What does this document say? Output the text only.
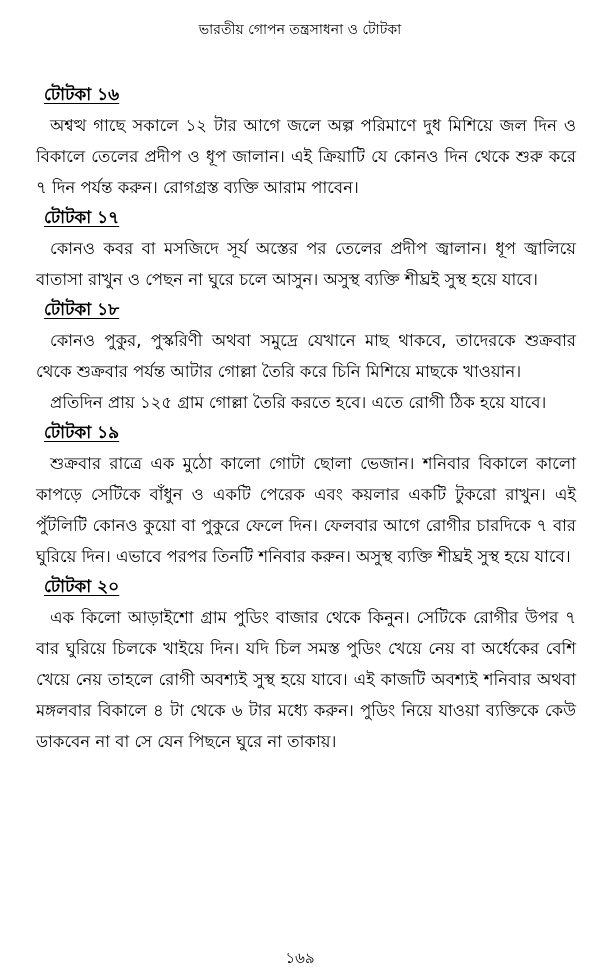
ভারতীয় গোপন তন্ত্রসাধনা ও টোটকা
টোটকা ১৬

অশ্বত্থ গাছে সকালে ১২ টার আগে জলে অল্প পরিমাণে দুধ মিশিয়ে জল দিন ও বিকালে তেলের প্রদীপ ও ধূপ জালান। এই ক্রিয়াটি যে কোনও দিন থেকে শুরু করে ৭ দিন পর্যন্ত করুন। রোগগ্রস্ত ব্যক্তি আরাম পাবেন।

টোটকা ১৭

কোনও কবর বা মসজিদে সূর্য অস্তের পর তেলের প্রদীপ জ্বালান। ধূপ জ্বালিয়ে বাতাসা রাখুন ও পেছন না ঘুরে চলে আসুন। অসুস্থ ব্যক্তি শীঘ্রই সুস্থ হয়ে যাবে।

টোটকা ১৮

কোনও পুকুর, পুস্করিণী অথবা সমুদ্রে যেখানে মাছ থাকবে, তাদেরকে শুক্রবার থেকে শুক্রবার পর্যন্ত আটার গোল্লা তৈরি করে চিনি মিশিয়ে মাছকে খাওয়ান।

প্রতিদিন প্রায় ১২৫ গ্রাম গোল্লা তৈরি করতে হবে। এতে রোগী ঠিক হয়ে যাবে।

টোটকা ১৯

শুক্রবার রাত্রে এক মুঠো কালো গোটা ছোলা ভেজান। শনিবার বিকালে কালো কাপড়ে সেটিকে বাঁধুন ও একটি পেরেক এবং কয়লার একটি টুকরো রাখুন। এই পুঁটলিটি কোনও কুয়ো বা পুকুরে ফেলে দিন। ফেলবার আগে রোগীর চারদিকে ৭ বার ঘুরিয়ে দিন। এভাবে পরপর তিনটি শনিবার করুন। অসুস্থ ব্যক্তি শীঘ্রই সুস্থ হয়ে যাবে।

টোটকা ২০

এক কিলো আড়াইশো গ্রাম পুডিং বাজার থেকে কিনুন। সেটিকে রোগীর উপর ৭ বার ঘুরিয়ে চিলকে খাইয়ে দিন। যদি চিল সমস্ত পুডিং খেয়ে নেয় বা অর্ধেকের বেশি খেয়ে নেয় তাহলে রোগী অবশ্যই সুস্থ হয়ে যাবে। এই কাজটি অবশ্যই শনিবার অথবা মঙ্গলবার বিকালে ৪ টা থেকে ৬ টার মধ্যে করুন। পুডিং নিয়ে যাওয়া ব্যক্তিকে কেউ ডাকবেন না বা সে যেন পিছনে ঘুরে না তাকায়।

১৬৯
